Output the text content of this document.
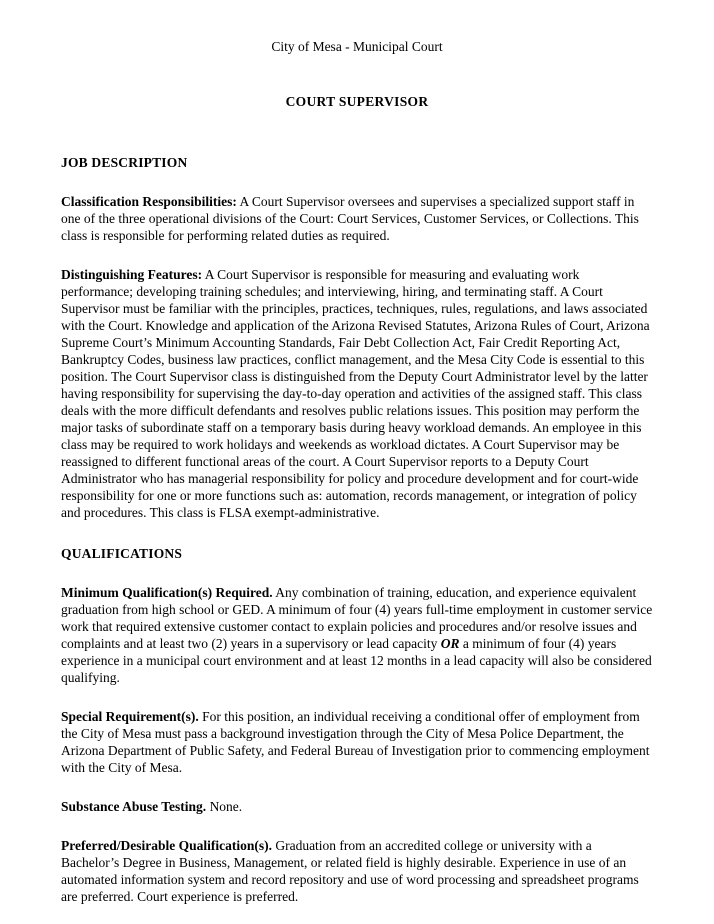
City of Mesa - Municipal Court
COURT SUPERVISOR
JOB DESCRIPTION

Classification Responsibilities: A Court Supervisor oversees and supervises a specialized support staff in one of the three operational divisions of the Court: Court Services, Customer Services, or Collections. This class is responsible for performing related duties as required.

Distinguishing Features: A Court Supervisor is responsible for measuring and evaluating work performance; developing training schedules; and interviewing, hiring, and terminating staff. A Court Supervisor must be familiar with the principles, practices, techniques, rules, regulations, and laws associated with the Court. Knowledge and application of the Arizona Revised Statutes, Arizona Rules of Court, Arizona Supreme Court’s Minimum Accounting Standards, Fair Debt Collection Act, Fair Credit Reporting Act, Bankruptcy Codes, business law practices, conflict management, and the Mesa City Code is essential to this position. The Court Supervisor class is distinguished from the Deputy Court Administrator level by the latter having responsibility for supervising the day-to-day operation and activities of the assigned staff. This class deals with the more difficult defendants and resolves public relations issues. This position may perform the major tasks of subordinate staff on a temporary basis during heavy workload demands. An employee in this class may be required to work holidays and weekends as workload dictates. A Court Supervisor may be reassigned to different functional areas of the court. A Court Supervisor reports to a Deputy Court Administrator who has managerial responsibility for policy and procedure development and for court-wide responsibility for one or more functions such as: automation, records management, or integration of policy and procedures. This class is FLSA exempt-administrative.

QUALIFICATIONS

Minimum Qualification(s) Required. Any combination of training, education, and experience equivalent graduation from high school or GED. A minimum of four (4) years full-time employment in customer service work that required extensive customer contact to explain policies and procedures and/or resolve issues and complaints and at least two (2) years in a supervisory or lead capacity OR a minimum of four (4) years experience in a municipal court environment and at least 12 months in a lead capacity will also be considered qualifying.

Special Requirement(s). For this position, an individual receiving a conditional offer of employment from the City of Mesa must pass a background investigation through the City of Mesa Police Department, the Arizona Department of Public Safety, and Federal Bureau of Investigation prior to commencing employment with the City of Mesa.

Substance Abuse Testing. None.

Preferred/Desirable Qualification(s). Graduation from an accredited college or university with a Bachelor’s Degree in Business, Management, or related field is highly desirable. Experience in use of an automated information system and record repository and use of word processing and spreadsheet programs are preferred. Court experience is preferred.
